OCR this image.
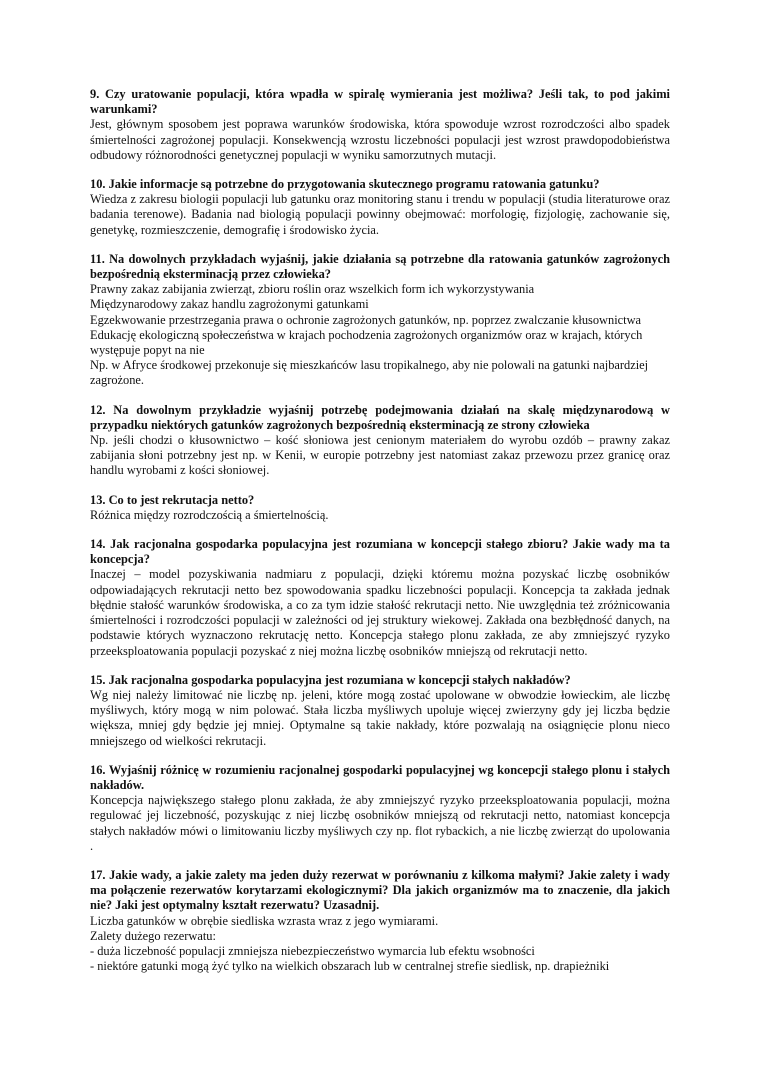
9. Czy uratowanie populacji, która wpadła w spiralę wymierania jest możliwa? Jeśli tak, to pod jakimi warunkami?

Jest, głównym sposobem jest poprawa warunków środowiska, która spowoduje wzrost rozrodczości albo spadek śmiertelności zagrożonej populacji. Konsekwencją wzrostu liczebności populacji jest wzrost prawdopodobieństwa odbudowy różnorodności genetycznej populacji w wyniku samorzutnych mutacji.

10. Jakie informacje są potrzebne do przygotowania skutecznego programu ratowania gatunku?

Wiedza z zakresu biologii populacji lub gatunku oraz monitoring stanu i trendu w populacji (studia literaturowe oraz badania terenowe). Badania nad biologią populacji powinny obejmować: morfologię, fizjologię, zachowanie się, genetykę, rozmieszczenie, demografię i środowisko życia.

11. Na dowolnych przykładach wyjaśnij, jakie działania są potrzebne dla ratowania gatunków zagrożonych bezpośrednią eksterminacją przez człowieka?

Prawny zakaz zabijania zwierząt, zbioru roślin oraz wszelkich form ich wykorzystywania

Międzynarodowy zakaz handlu zagrożonymi gatunkami

Egzekwowanie przestrzegania prawa o ochronie zagrożonych gatunków, np. poprzez zwalczanie kłusownictwa

Edukację ekologiczną społeczeństwa w krajach pochodzenia zagrożonych organizmów oraz w krajach, których występuje popyt na nie

Np. w Afryce środkowej przekonuje się mieszkańców lasu tropikalnego, aby nie polowali na gatunki najbardziej zagrożone.

12. Na dowolnym przykładzie wyjaśnij potrzebę podejmowania działań na skalę międzynarodową w przypadku niektórych gatunków zagrożonych bezpośrednią eksterminacją ze strony człowieka

Np. jeśli chodzi o kłusownictwo – kość słoniowa jest cenionym materiałem do wyrobu ozdób – prawny zakaz zabijania słoni potrzebny jest np. w Kenii, w europie potrzebny jest natomiast zakaz przewozu przez granicę oraz handlu wyrobami z kości słoniowej.

13. Co to jest rekrutacja netto?

Różnica między rozrodczością a śmiertelnością.

14. Jak racjonalna gospodarka populacyjna jest rozumiana w koncepcji stałego zbioru? Jakie wady ma ta koncepcja?

Inaczej – model pozyskiwania nadmiaru z populacji, dzięki któremu można pozyskać liczbę osobników odpowiadających rekrutacji netto bez spowodowania spadku liczebności populacji. Koncepcja ta zakłada jednak błędnie stałość warunków środowiska, a co za tym idzie stałość rekrutacji netto. Nie uwzględnia też zróżnicowania śmiertelności i rozrodczości populacji w zależności od jej struktury wiekowej. Zakłada ona bezbłędność danych, na podstawie których wyznaczono rekrutację netto. Koncepcja stałego plonu zakłada, ze aby zmniejszyć ryzyko przeeksploatowania populacji pozyskać z niej można liczbę osobników mniejszą od rekrutacji netto.

15. Jak racjonalna gospodarka populacyjna jest rozumiana w koncepcji stałych nakładów?

Wg niej należy limitować nie liczbę np. jeleni, które mogą zostać upolowane w obwodzie łowieckim, ale liczbę myśliwych, który mogą w nim polować. Stała liczba myśliwych upoluje więcej zwierzyny gdy jej liczba będzie większa, mniej gdy będzie jej mniej. Optymalne są takie nakłady, które pozwalają na osiągnięcie plonu nieco mniejszego od wielkości rekrutacji.

16. Wyjaśnij różnicę w rozumieniu racjonalnej gospodarki populacyjnej wg koncepcji stałego plonu i stałych nakładów.

Koncepcja największego stałego plonu zakłada, że aby zmniejszyć ryzyko przeeksploatowania populacji, można regulować jej liczebność, pozyskując z niej liczbę osobników mniejszą od rekrutacji netto, natomiast koncepcja stałych nakładów mówi o limitowaniu liczby myśliwych czy np. flot rybackich, a nie liczbę zwierząt do upolowania .

17. Jakie wady, a jakie zalety ma jeden duży rezerwat w porównaniu z kilkoma małymi? Jakie zalety i wady ma połączenie rezerwatów korytarzami ekologicznymi? Dla jakich organizmów ma to znaczenie, dla jakich nie? Jaki jest optymalny kształt rezerwatu? Uzasadnij.

Liczba gatunków w obrębie siedliska wzrasta wraz z jego wymiarami.

Zalety dużego rezerwatu:

- duża liczebność populacji zmniejsza niebezpieczeństwo wymarcia lub efektu wsobności

- niektóre gatunki mogą żyć tylko na wielkich obszarach lub w centralnej strefie siedlisk, np. drapieżniki
